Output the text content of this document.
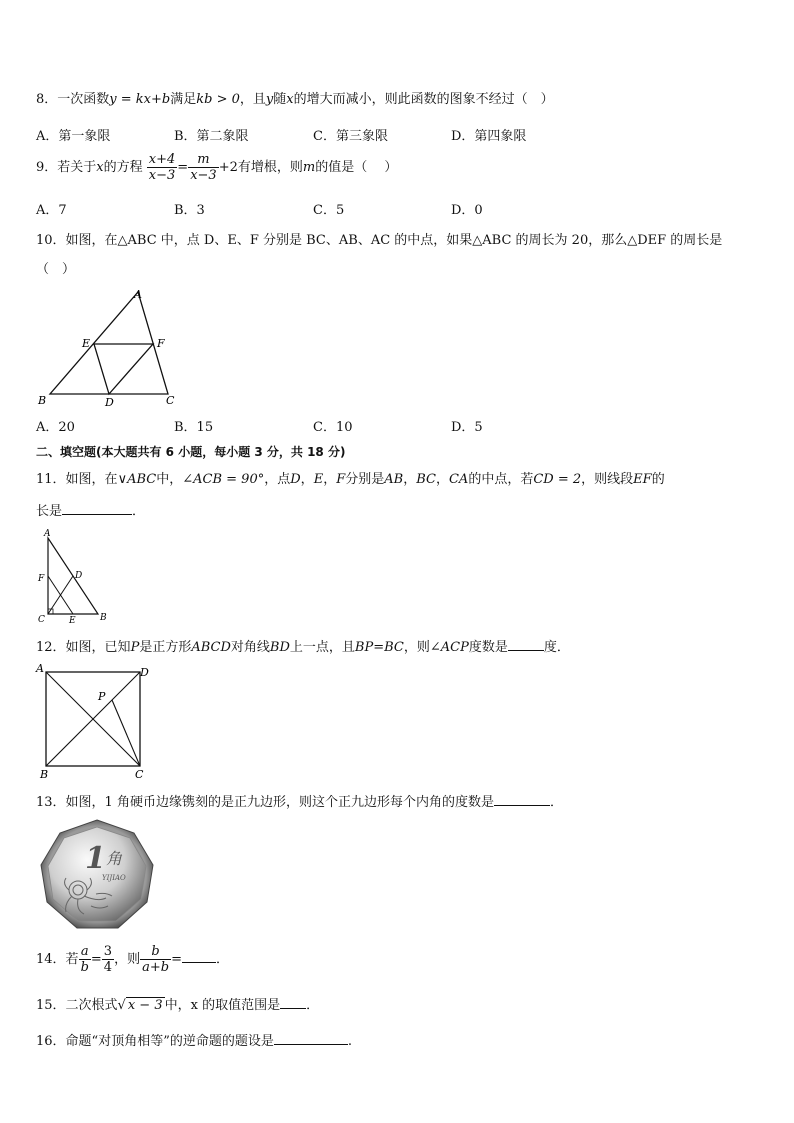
8．一次函数y = kx+b满足kb > 0，且y随x的增大而减小，则此函数的图象不经过（　）
A．第一象限	B．第二象限	C．第三象限	D．第四象限
9．若关于x的方程 $\frac{x+4}{x-3} = \frac{m}{x-3} +2$有增根，则m的值是（　 ）
A．7	B．3	C．5	D．0
10．如图，在△ABC 中，点 D、E、F 分别是 BC、AB、AC 的中点，如果△ABC 的周长为 20，那么△DEF 的周长是
（　）
A
E	F
B	D	C
A．20	B．15	C．10	D．5
二、填空题(本大题共有 6 小题，每小题 3 分，共 18 分)
11．如图，在∨ABC中，∠ACB = 90°，点D，E，F分别是AB，BC，CA的中点，若CD = 2，则线段EF的
长是	．
A
F	D
C	E	B
12．如图，已知P是正方形ABCD对角线BD上一点，且BP=BC，则∠ACP度数是	度．
A	D
P
B	C
13．如图，1 角硬币边缘镌刻的是正九边形，则这个正九边形每个内角的度数是	．
1 角
YIJIAO
14．若 $\frac{a}{b} = \frac{3}{4}$ ，则 $\frac{b}{a+b}$ =	．
15．二次根式√ x − 3 中，x 的取值范围是 ．
16．命题“对顶角相等”的逆命题的题设是	.
